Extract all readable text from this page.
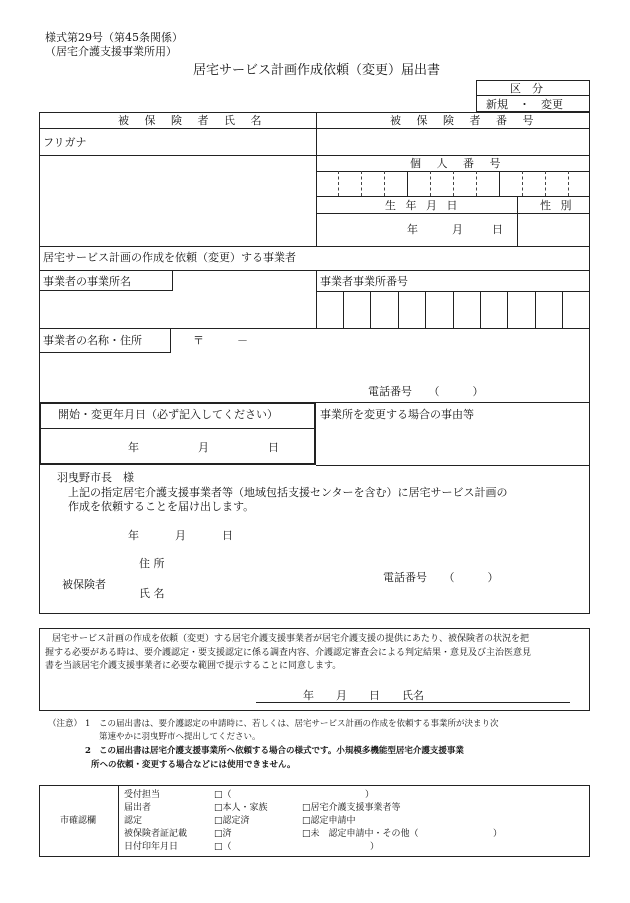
様式第29号（第45条関係）
（居宅介護支援事業所用）
居宅サービス計画作成依頼（変更）届出書
区　分
新規　・　変更
被 保 険 者 氏 名	被 保 険 者 番 号
フリガナ
個 人 番 号
生 年 月 日	性 別
年	月	日
居宅サービス計画の作成を依頼（変更）する事業者
事業者の事業所名	事業者事業所番号
事業者の名称・住所	〒　　　－
電話番号　　（　　　）
開始・変更年月日（必ず記入してください）
年	月	日
事業所を変更する場合の事由等
羽曳野市長　様
上記の指定居宅介護支援事業者等（地域包括支援センターを含む）に居宅サービス計画の
作成を依頼することを届け出します。
年	月	日
住 所
被保険者
氏 名
電話番号　　（　　　）
居宅サービス計画の作成を依頼（変更）する居宅介護支援事業者が居宅介護支援の提供にあたり、被保険者の状況を把
握する必要がある時は、要介護認定・要支援認定に係る調査内容、介護認定審査会による判定結果・意見及び主治医意見
書を当該居宅介護支援事業者に必要な範囲で提示することに同意します。
年　　月　　日　　氏名
（注意） 1 この届出書は、要介護認定の申請時に、若しくは、居宅サービス計画の作成を依頼する事業所が決まり次
第速やかに羽曳野市へ提出してください。
2 この届出書は居宅介護支援事業所へ依頼する場合の様式です。小規模多機能型居宅介護支援事業
所への依頼・変更する場合などには使用できません。
市確認欄
受付担当	□（	）
届出者	□本人・家族	□居宅介護支援事業者等
認定	□認定済	□認定申請中
被保険者証記載	□済	□未　認定申請中・その他（	）
日付印年月日	□（	）
